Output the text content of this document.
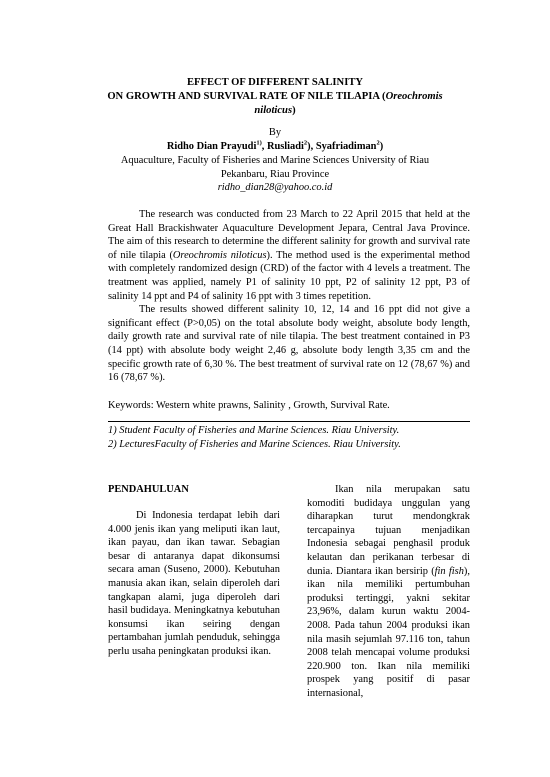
EFFECT OF DIFFERENT SALINITY
ON GROWTH AND SURVIVAL RATE OF NILE TILAPIA (Oreochromis niloticus)
By
Ridho Dian Prayudi$^{1)}$, Rusliadi$^2$), Syafriadiman$^2$)
Aquaculture, Faculty of Fisheries and Marine Sciences University of Riau
Pekanbaru, Riau Province
ridho_dian28@yahoo.co.id

The research was conducted from 23 March to 22 April 2015 that held at the Great Hall Brackishwater Aquaculture Development Jepara, Central Java Province. The aim of this research to determine the different salinity for growth and survival rate of nile tilapia (Oreochromis niloticus). The method used is the experimental method with completely randomized design (CRD) of the factor with 4 levels a treatment. The treatment was applied, namely P1 of salinity 10 ppt, P2 of salinity 12 ppt, P3 of salinity 14 ppt and P4 of salinity 16 ppt with 3 times repetition.

The results showed different salinity 10, 12, 14 and 16 ppt did not give a significant effect (P>0,05) on the total absolute body weight, absolute body length, daily growth rate and survival rate of nile tilapia. The best treatment contained in P3 (14 ppt) with absolute body weight 2,46 g, absolute body length 3,35 cm and the specific growth rate of 6,30 %. The best treatment of survival rate on 12 (78,67 %) and 16 (78,67 %).

Keywords: Western white prawns, Salinity , Growth, Survival Rate.

1) Student Faculty of Fisheries and Marine Sciences. Riau University.
2) LecturesFaculty of Fisheries and Marine Sciences. Riau University.
PENDAHULUAN

Di Indonesia terdapat lebih dari 4.000 jenis ikan yang meliputi ikan laut, ikan payau, dan ikan tawar. Sebagian besar di antaranya dapat dikonsumsi secara aman (Suseno, 2000). Kebutuhan manusia akan ikan, selain diperoleh dari tangkapan alami, juga diperoleh dari hasil budidaya. Meningkatnya kebutuhan konsumsi ikan seiring dengan pertambahan jumlah penduduk, sehingga perlu usaha peningkatan produksi ikan.

Ikan nila merupakan satu komoditi budidaya unggulan yang diharapkan turut mendongkrak tercapainya tujuan menjadikan Indonesia sebagai penghasil produk kelautan dan perikanan terbesar di dunia. Diantara ikan bersirip (fin fish), ikan nila memiliki pertumbuhan produksi tertinggi, yakni sekitar 23,96%, dalam kurun waktu 2004-2008. Pada tahun 2004 produksi ikan nila masih sejumlah 97.116 ton, tahun 2008 telah mencapai volume produksi 220.900 ton. Ikan nila memiliki prospek yang positif di pasar internasional,
